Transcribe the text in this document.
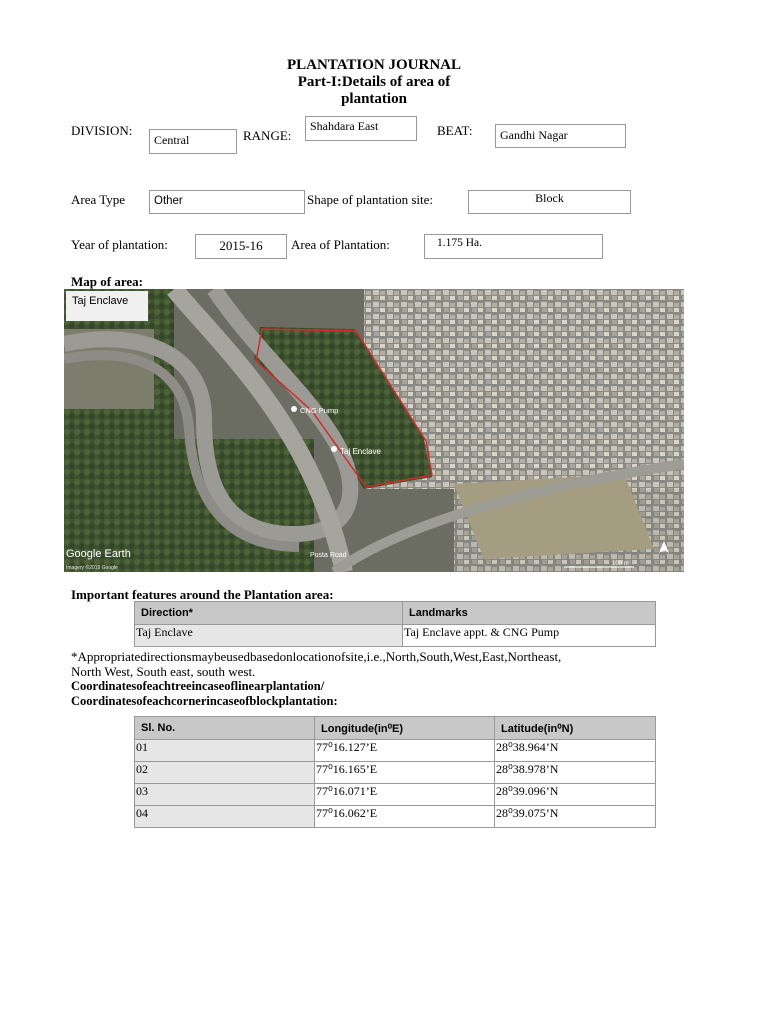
PLANTATION JOURNAL
Part-I:Details of area of
plantation
DIVISION:
Central	RANGE:
Shahdara East	BEAT:	Gandhi Nagar
Area Type	Other	Shape of plantation site:	Block
Year of plantation:	2015-16	Area of Plantation:	1.175 Ha.
Map of area:
CNG Pump
Taj Enclave
Pusta Road
Google Earth
Imagery ©2019 Google
100 m
Taj Enclave
Important features around the Plantation area:
Direction*	Landmarks
Taj Enclave	Taj Enclave appt. & CNG Pump
*Appropriatedirectionsmaybeusedbasedonlocationofsite,i.e.,North,South,West,East,Northeast,
North West, South east, south west.
Coordinatesofeachtreeincaseoflinearplantation/
Coordinatesofeachcornerincaseofblockplantation:
Sl. No.	Longitude(in⁰E)	Latitude(in⁰N)
01	77⁰16.127’E	28⁰38.964’N
02	77⁰16.165’E	28⁰38.978’N
03	77⁰16.071’E	28⁰39.096’N
04	77⁰16.062’E	28⁰39.075’N
